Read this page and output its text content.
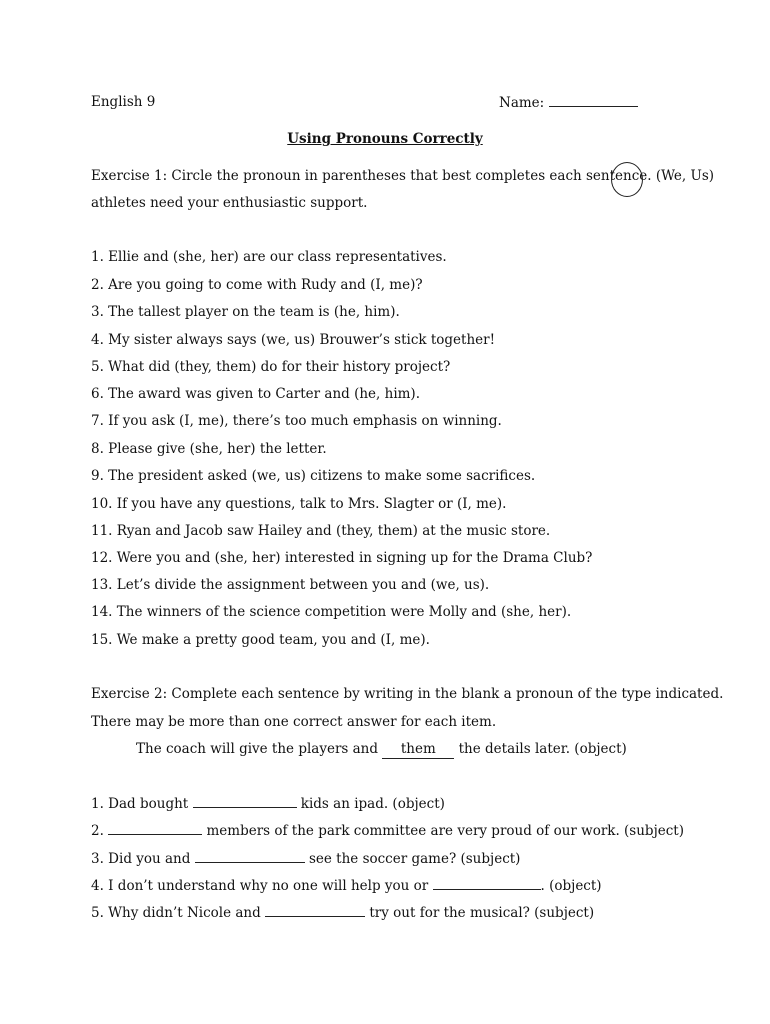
English 9	Name:
Using Pronouns Correctly
Exercise 1: Circle the pronoun in parentheses that best completes each sentence. (We, Us)
athletes need your enthusiastic support.
1. Ellie and (she, her) are our class representatives.
2. Are you going to come with Rudy and (I, me)?
3. The tallest player on the team is (he, him).
4. My sister always says (we, us) Brouwer’s stick together!
5. What did (they, them) do for their history project?
6. The award was given to Carter and (he, him).
7. If you ask (I, me), there’s too much emphasis on winning.
8. Please give (she, her) the letter.
9. The president asked (we, us) citizens to make some sacrifices.
10. If you have any questions, talk to Mrs. Slagter or (I, me).
11. Ryan and Jacob saw Hailey and (they, them) at the music store.
12. Were you and (she, her) interested in signing up for the Drama Club?
13. Let’s divide the assignment between you and (we, us).
14. The winners of the science competition were Molly and (she, her).
15. We make a pretty good team, you and (I, me).
Exercise 2: Complete each sentence by writing in the blank a pronoun of the type indicated.
There may be more than one correct answer for each item.
The coach will give the players and them the details later. (object)
1. Dad bought	kids an ipad. (object)
2.	members of the park committee are very proud of our work. (subject)
3. Did you and	see the soccer game? (subject)
4. I don’t understand why no one will help you or	. (object)
5. Why didn’t Nicole and	try out for the musical? (subject)
